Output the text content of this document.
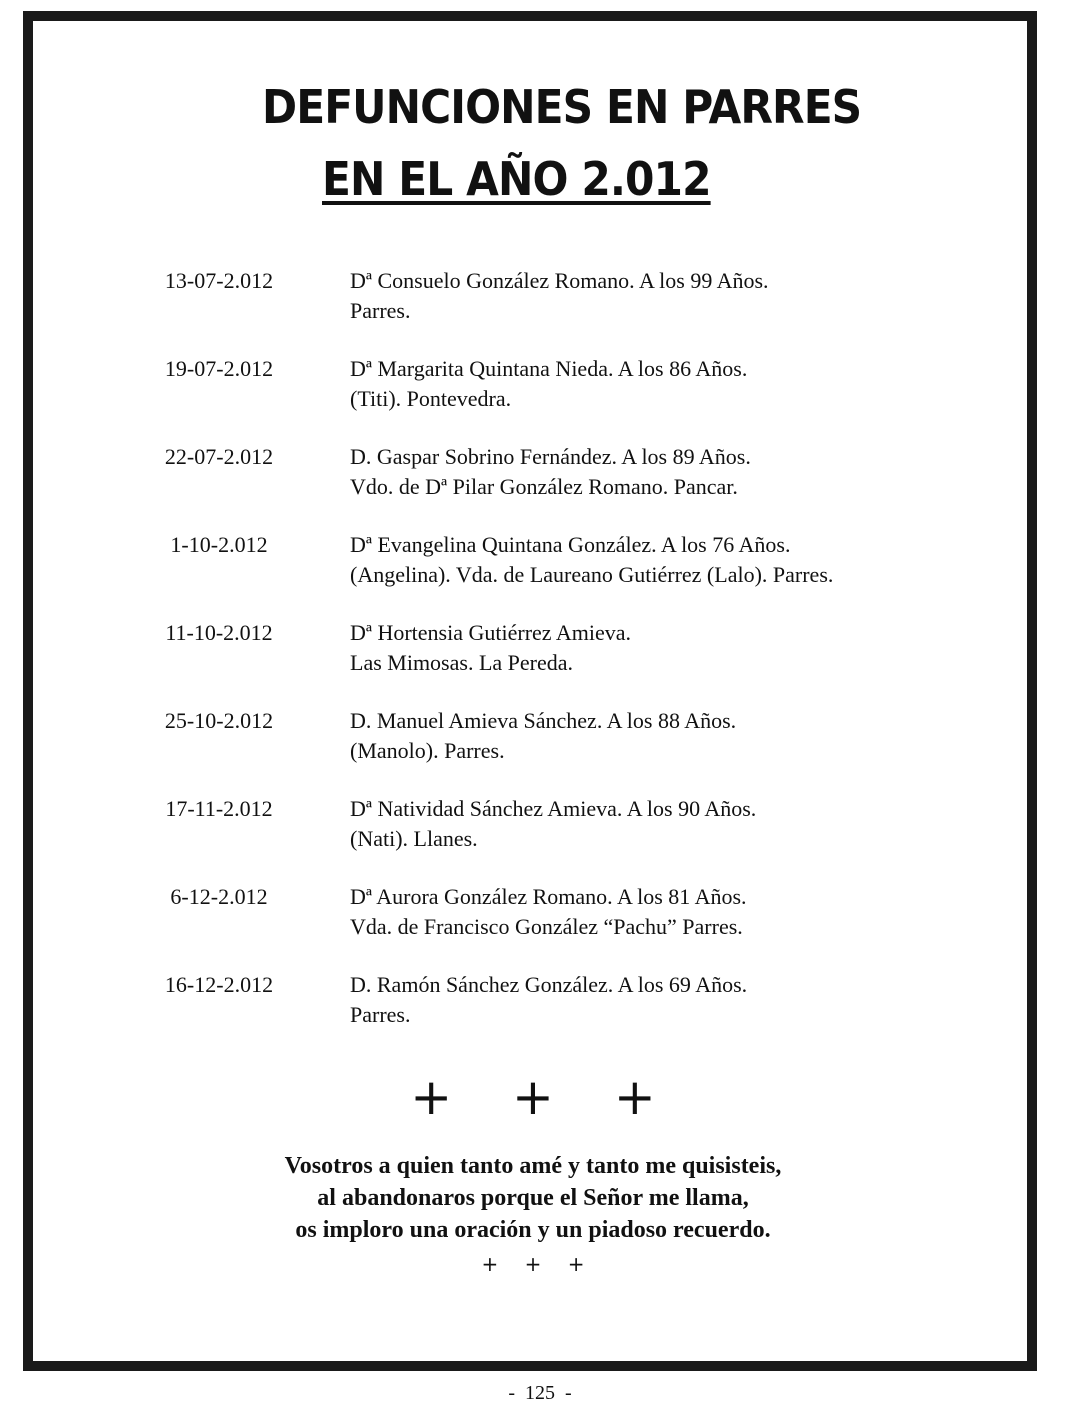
DEFUNCIONES EN PARRES
EN EL AÑO 2.012
13-07-2.012	Dª Consuelo González Romano. A los 99 Años.
Parres.
19-07-2.012	Dª Margarita Quintana Nieda. A los 86 Años.
(Titi). Pontevedra.
22-07-2.012	D. Gaspar Sobrino Fernández. A los 89 Años.
Vdo. de Dª Pilar González Romano. Pancar.
1-10-2.012	Dª Evangelina Quintana González. A los 76 Años.
(Angelina). Vda. de Laureano Gutiérrez (Lalo). Parres.
11-10-2.012	Dª Hortensia Gutiérrez Amieva.
Las Mimosas. La Pereda.
25-10-2.012	D. Manuel Amieva Sánchez. A los 88 Años.
(Manolo). Parres.
17-11-2.012	Dª Natividad Sánchez Amieva. A los 90 Años.
(Nati). Llanes.
6-12-2.012	Dª Aurora González Romano. A los 81 Años.
Vda. de Francisco González “Pachu” Parres.
16-12-2.012	D. Ramón Sánchez González. A los 69 Años.
Parres.
+ + +
Vosotros a quien tanto amé y tanto me quisisteis,
al abandonaros porque el Señor me llama,
os imploro una oración y un piadoso recuerdo.
+ + +
-  125  -
